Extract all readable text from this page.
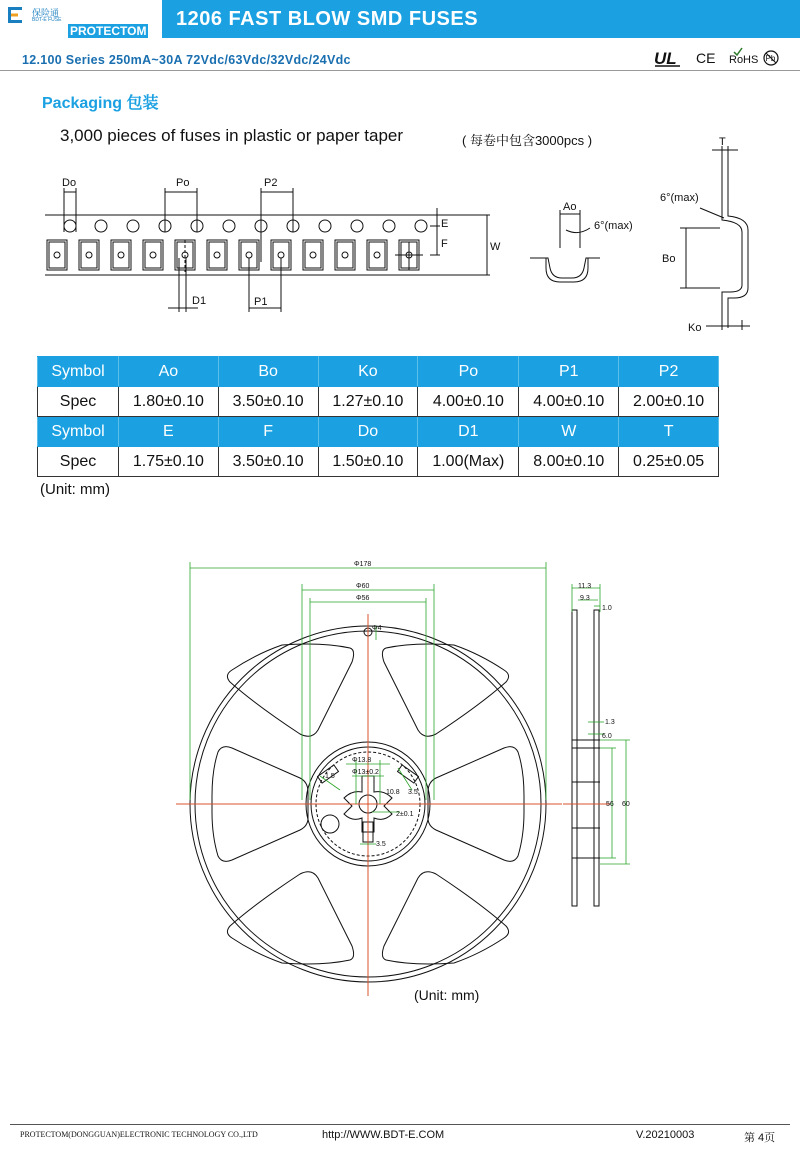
保险通
BDT-E FUSE
PROTECTOM
1206 FAST BLOW SMD FUSES
12.100 Series 250mA~30A 72Vdc/63Vdc/32Vdc/24Vdc	UL CE RoHS Pb
Packaging 包装
3,000 pieces of fuses in plastic or paper taper	( 每卷中包含3000pcs )
Do	Po	P2
E
F	W
D1	P1
Ao
6°(max)
T
6°(max)
Bo
Ko
Symbol	Ao	Bo	Ko	Po	P1	P2
Spec	1.80±0.10	3.50±0.10	1.27±0.10	4.00±0.10	4.00±0.10	2.00±0.10
Symbol	E	F	Do	D1	W	T
Spec	1.75±0.10	3.50±0.10	1.50±0.10	1.00(Max)	8.00±0.10	0.25±0.05
(Unit: mm)
Φ178
Φ60
Φ56
Φ4
Φ13.8
Φ13±0.2
10.8 3.5
2±0.1
3.5
1.5
11.3
9.3
1.0
1.3
6.0
56 60
(Unit: mm)
PROTECTOM(DONGGUAN)ELECTRONIC TECHNOLOGY CO.,LTD	http://WWW.BDT-E.COM	V.20210003	第 4页
